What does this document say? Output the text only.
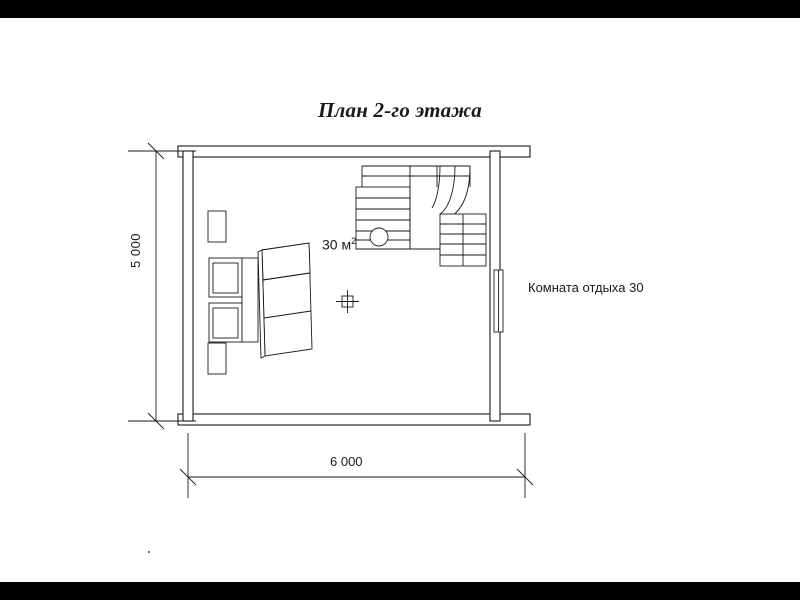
План 2-го этажа
30 $м^2$
Комната отдыха 30
6 000
5 000
